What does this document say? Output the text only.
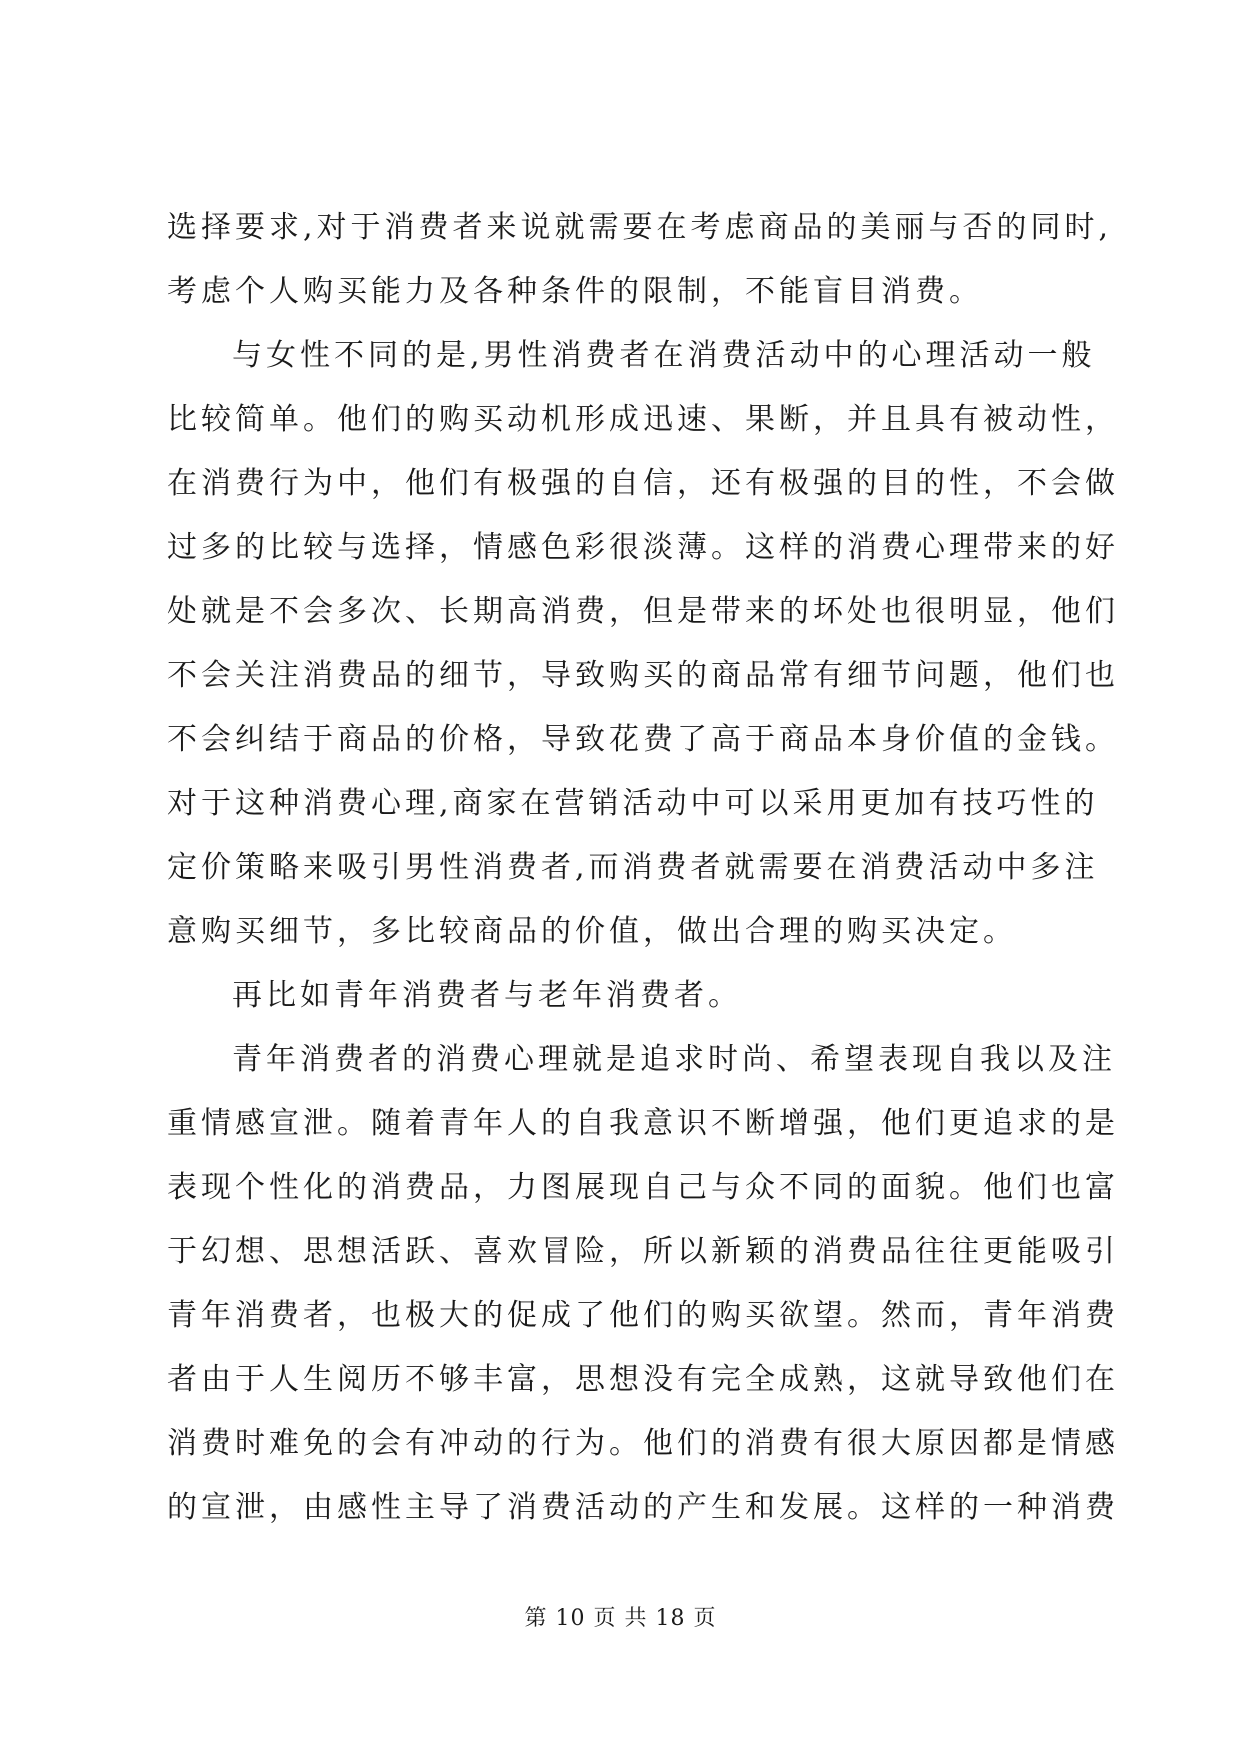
选择要求,对于消费者来说就需要在考虑商品的美丽与否的同时,
考虑个人购买能力及各种条件的限制，不能盲目消费。
与女性不同的是,男性消费者在消费活动中的心理活动一般
比较简单。他们的购买动机形成迅速、果断，并且具有被动性，
在消费行为中，他们有极强的自信，还有极强的目的性，不会做
过多的比较与选择，情感色彩很淡薄。这样的消费心理带来的好
处就是不会多次、长期高消费，但是带来的坏处也很明显，他们
不会关注消费品的细节，导致购买的商品常有细节问题，他们也
不会纠结于商品的价格，导致花费了高于商品本身价值的金钱。
对于这种消费心理,商家在营销活动中可以采用更加有技巧性的
定价策略来吸引男性消费者,而消费者就需要在消费活动中多注
意购买细节，多比较商品的价值，做出合理的购买决定。
再比如青年消费者与老年消费者。
青年消费者的消费心理就是追求时尚、希望表现自我以及注
重情感宣泄。随着青年人的自我意识不断增强，他们更追求的是
表现个性化的消费品，力图展现自己与众不同的面貌。他们也富
于幻想、思想活跃、喜欢冒险，所以新颖的消费品往往更能吸引
青年消费者，也极大的促成了他们的购买欲望。然而，青年消费
者由于人生阅历不够丰富，思想没有完全成熟，这就导致他们在
消费时难免的会有冲动的行为。他们的消费有很大原因都是情感
的宣泄，由感性主导了消费活动的产生和发展。这样的一种消费
第 10 页 共 18 页
